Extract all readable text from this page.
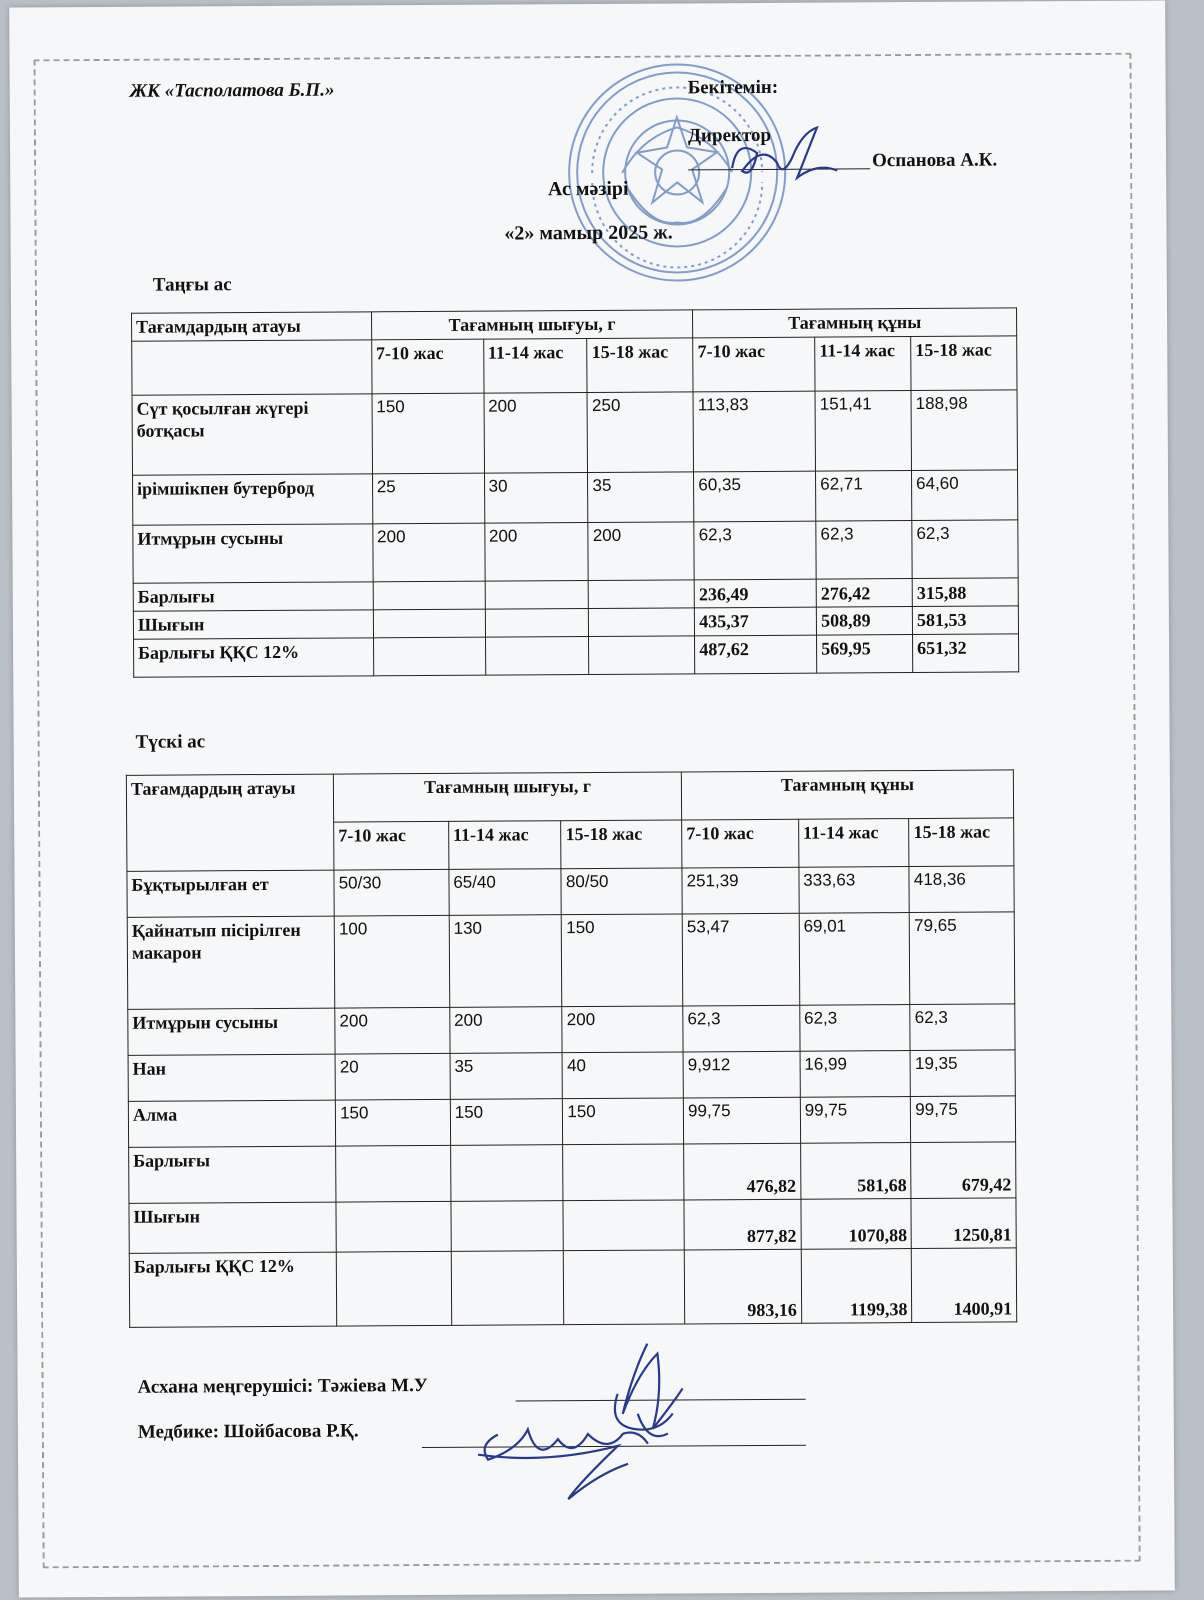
ЖК «Тасполатова Б.П.»	Бекітемін:
Директор
Оспанова А.К.
Ас мәзірі
«2» мамыр 2025 ж.
Таңғы ас
Тағамдардың атауы	Тағамның шығуы, г			Тағамның құны		
	7-10 жас	11-14 жас	15-18 жас	7-10 жас	11-14 жас	15-18 жас
Сүт қосылған жүгері ботқасы	150	200	250	113,83	151,41	188,98
ірімшікпен бутерброд	25	30	35	60,35	62,71	64,60
Итмұрын сусыны	200	200	200	62,3	62,3	62,3
Барлығы				236,49	276,42	315,88
Шығын				435,37	508,89	581,53
Барлығы ҚҚС 12%				487,62	569,95	651,32
Түскі ас
Тағамдардың атауы	Тағамның шығуы, г			Тағамның құны		
	7-10 жас	11-14 жас	15-18 жас	7-10 жас	11-14 жас	15-18 жас
Бұқтырылған ет	50/30	65/40	80/50	251,39	333,63	418,36
Қайнатып пісірілген макарон	100	130	150	53,47	69,01	79,65
Итмұрын сусыны	200	200	200	62,3	62,3	62,3
Нан	20	35	40	9,912	16,99	19,35
Алма	150	150	150	99,75	99,75	99,75
Барлығы				476,82	581,68	679,42
Шығын				877,82	1070,88	1250,81
Барлығы ҚҚС 12%				983,16	1199,38	1400,91
Асхана меңгерушісі: Тәжіева М.У
Медбике: Шойбасова Р.Қ.
